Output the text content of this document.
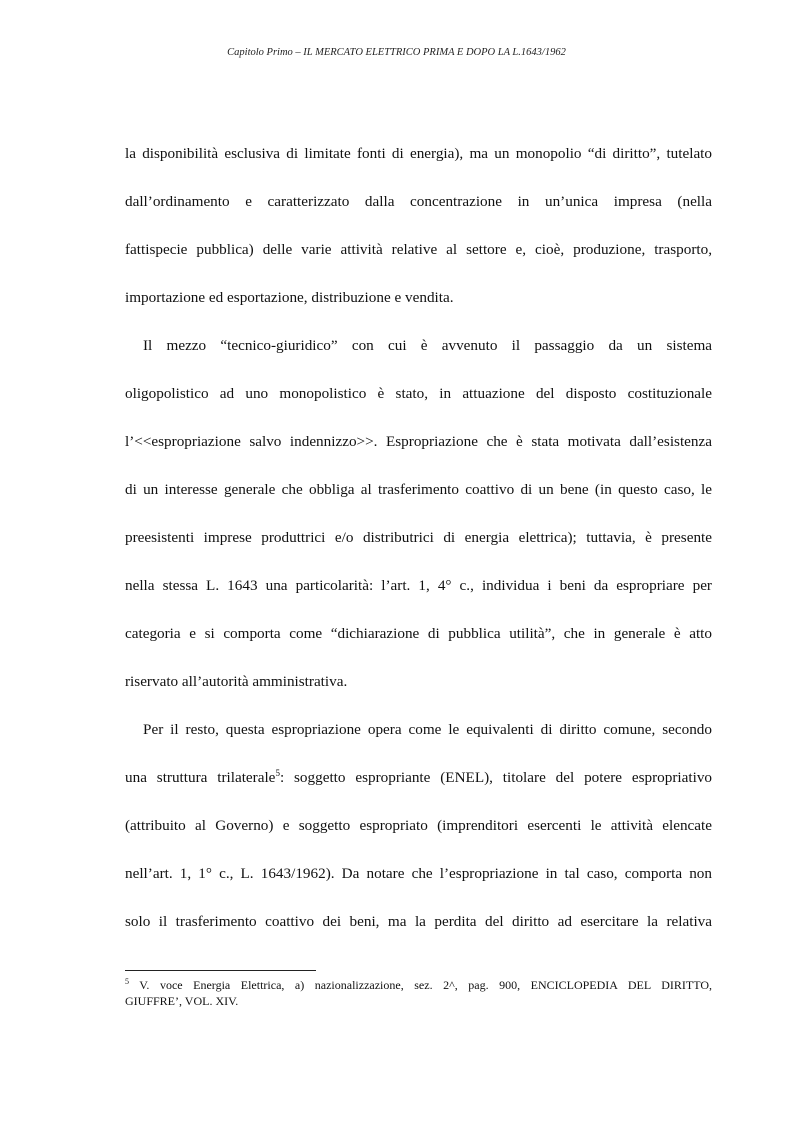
Capitolo Primo – IL MERCATO ELETTRICO PRIMA E DOPO LA L.1643/1962
la disponibilità esclusiva di limitate fonti di energia), ma un monopolio “di diritto”, tutelato
dall’ordinamento e caratterizzato dalla concentrazione in un’unica impresa (nella
fattispecie pubblica) delle varie attività relative al settore e, cioè, produzione, trasporto,
importazione ed esportazione, distribuzione e vendita.
Il mezzo “tecnico-giuridico” con cui è avvenuto il passaggio da un sistema
oligopolistico ad uno monopolistico è stato, in attuazione del disposto costituzionale
l’<<espropriazione salvo indennizzo>>. Espropriazione che è stata motivata dall’esistenza
di un interesse generale che obbliga al trasferimento coattivo di un bene (in questo caso, le
preesistenti imprese produttrici e/o distributrici di energia elettrica); tuttavia, è presente
nella stessa L. 1643 una particolarità: l’art. 1, 4° c., individua i beni da espropriare per
categoria e si comporta come “dichiarazione di pubblica utilità”, che in generale è atto
riservato all’autorità amministrativa.
Per il resto, questa espropriazione opera come le equivalenti di diritto comune, secondo
una struttura trilaterale$^5$: soggetto espropriante (ENEL), titolare del potere espropriativo
(attribuito al Governo) e soggetto espropriato (imprenditori esercenti le attività elencate
nell’art. 1, 1° c., L. 1643/1962). Da notare che l’espropriazione in tal caso, comporta non
solo il trasferimento coattivo dei beni, ma la perdita del diritto ad esercitare la relativa
$^5$ V. voce Energia Elettrica, a) nazionalizzazione, sez. 2^, pag. 900, ENCICLOPEDIA DEL DIRITTO,
GIUFFRE’, VOL. XIV.
